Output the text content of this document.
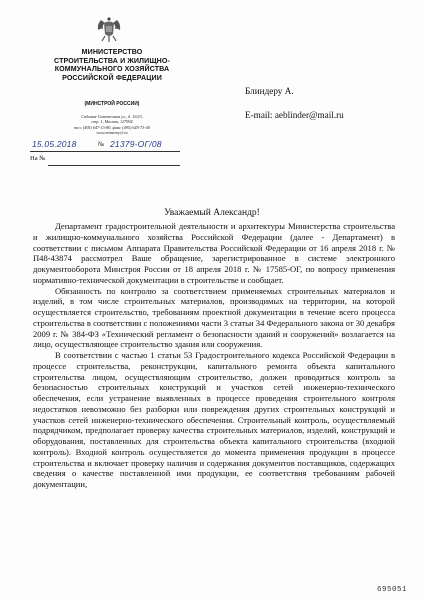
МИНИСТЕРСТВО
СТРОИТЕЛЬСТВА И ЖИЛИЩНО-
КОММУНАЛЬНОГО ХОЗЯЙСТВА
РОССИЙСКОЙ ФЕДЕРАЦИИ
(МИНСТРОЙ РОССИИ)
Садовая-Самотечная ул., д. 10/23,
стр. 1, Москва, 127994
тел. (495) 647-15-80, факс (495) 645-73-40
www.minstroyrf.ru
15.05.2018	№ 21379-ОГ/08
На №
Блиндеру А.
E-mail: aeblinder@mail.ru
Уважаемый Александр!

Департамент градостроительной деятельности и архитектуры Министерства строительства и жилищно-коммунального хозяйства Российской Федерации (далее - Департамент) в соответствии с письмом Аппарата Правительства Российской Федерации от 16 апреля 2018 г. № П48-43874 рассмотрел Ваше обращение, зарегистрированное в системе электронного документооборота Минстроя России от 18 апреля 2018 г. № 17585-ОГ, по вопросу применения нормативно-технической документации в строительстве и сообщает.

Обязанность по контролю за соответствием применяемых строительных материалов и изделий, в том числе строительных материалов, производимых на территории, на которой осуществляется строительство, требованиям проектной документации в течение всего процесса строительства в соответствии с положениями части 3 статьи 34 Федерального закона от 30 декабря 2009 г. № 384-ФЗ «Технический регламент о безопасности зданий и сооружений» возлагается на лицо, осуществляющее строительство здания или сооружения.

В соответствии с частью 1 статьи 53 Градостроительного кодекса Российской Федерации в процессе строительства, реконструкции, капитального ремонта объекта капитального строительства лицом, осуществляющим строительство, должен проводиться контроль за безопасностью строительных конструкций и участков сетей инженерно-технического обеспечения, если устранение выявленных в процессе проведения строительного контроля недостатков невозможно без разборки или повреждения других строительных конструкций и участков сетей инженерно-технического обеспечения. Строительный контроль, осуществляемый подрядчиком, предполагает проверку качества строительных материалов, изделий, конструкций и оборудования, поставленных для строительства объекта капитального строительства (входной контроль). Входной контроль осуществляется до момента применения продукции в процессе строительства и включает проверку наличия и содержания документов поставщиков, содержащих сведения о качестве поставленной ими продукции, ее соответствия требованиям рабочей документации,

695051
